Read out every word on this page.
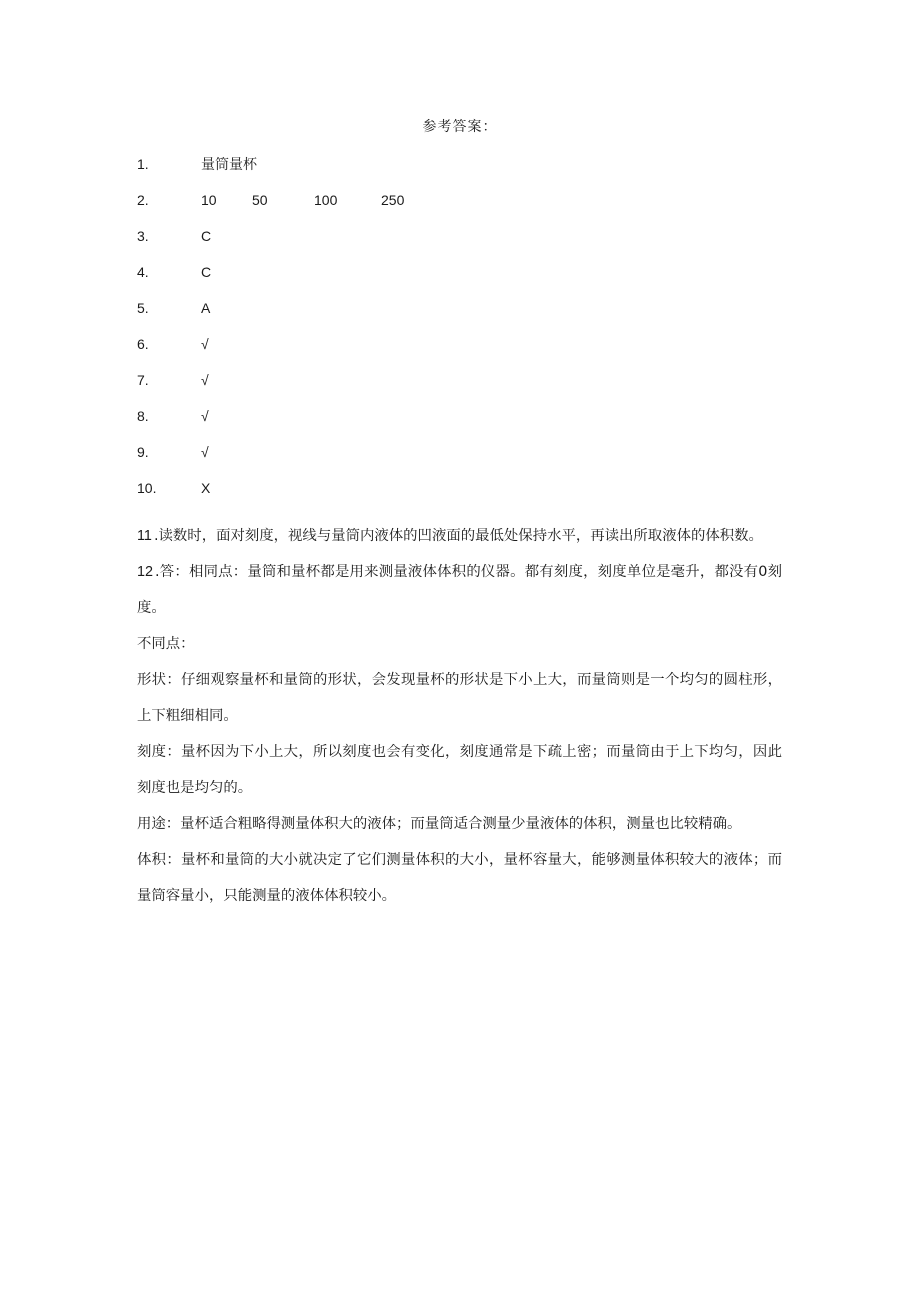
参考答案：
1.	量筒量杯
2.	10	50	100	250
3.	C
4.	C
5.	A
6.	√
7.	√
8.	√
9.	√
10.	X

11 .读数时，面对刻度，视线与量筒内液体的凹液面的最低处保持水平，再读出所取液体的体积数。

12 .答：相同点：量筒和量杯都是用来测量液体体积的仪器。都有刻度，刻度单位是毫升，都没有0刻度。

不同点：

形状：仔细观察量杯和量筒的形状，会发现量杯的形状是下小上大，而量筒则是一个均匀的圆柱形，上下粗细相同。

刻度：量杯因为下小上大，所以刻度也会有变化，刻度通常是下疏上密；而量筒由于上下均匀，因此刻度也是均匀的。

用途：量杯适合粗略得测量体积大的液体；而量筒适合测量少量液体的体积，测量也比较精确。

体积：量杯和量筒的大小就决定了它们测量体积的大小，量杯容量大，能够测量体积较大的液体；而量筒容量小，只能测量的液体体积较小。
